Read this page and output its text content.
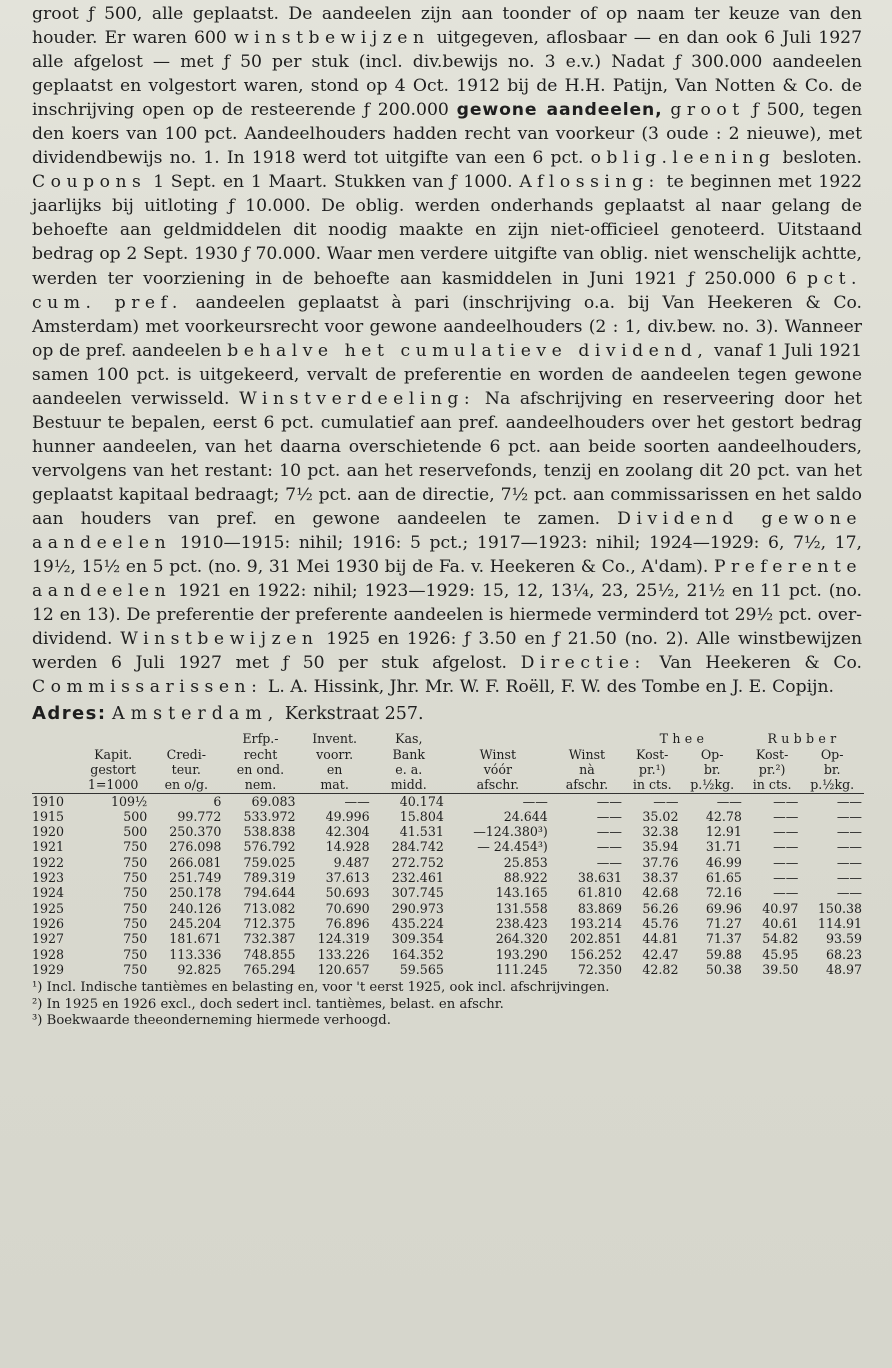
groot ƒ 500, alle geplaatst. De aandeelen zijn aan toonder of op naam ter keuze van den houder. Er waren 600 winstbewijzen uitgegeven, aflosbaar — en dan ook 6 Juli 1927 alle afgelost — met ƒ 50 per stuk (incl. div.bewijs no. 3 e.v.) Nadat ƒ 300.000 aandeelen geplaatst en volgestort waren, stond op 4 Oct. 1912 bij de H.H. Patijn, Van Notten & Co. de inschrijving open op de resteerende ƒ 200.000 gewone aandeelen, groot ƒ 500, tegen den koers van 100 pct. Aandeelhouders hadden recht van voorkeur (3 oude : 2 nieuwe), met dividendbewijs no. 1. In 1918 werd tot uitgifte van een 6 pct. oblig.leening besloten. Coupons 1 Sept. en 1 Maart. Stukken van ƒ 1000. Aflossing: te beginnen met 1922 jaarlijks bij uitloting ƒ 10.000. De oblig. werden onderhands geplaatst al naar gelang de behoefte aan geldmiddelen dit noodig maakte en zijn niet-officieel genoteerd. Uitstaand bedrag op 2 Sept. 1930 ƒ 70.000. Waar men verdere uitgifte van oblig. niet wenschelijk achtte, werden ter voorziening in de behoefte aan kasmiddelen in Juni 1921 ƒ 250.000 6 pct. cum. pref. aandeelen geplaatst à pari (inschrijving o.a. bij Van Heekeren & Co. Amsterdam) met voorkeursrecht voor gewone aandeelhouders (2 : 1, div.bew. no. 3). Wanneer op de pref. aandeelen behalve het cumulatieve dividend, vanaf 1 Juli 1921 samen 100 pct. is uitgekeerd, vervalt de preferentie en worden de aandeelen tegen gewone aandeelen verwisseld. Winstverdeeling: Na afschrijving en reserveering door het Bestuur te bepalen, eerst 6 pct. cumulatief aan pref. aandeelhouders over het gestort bedrag hunner aandeelen, van het daarna overschietende 6 pct. aan beide soorten aandeelhouders, vervolgens van het restant: 10 pct. aan het reservefonds, tenzij en zoolang dit 20 pct. van het geplaatst kapitaal bedraagt; 7½ pct. aan de directie, 7½ pct. aan commissarissen en het saldo aan houders van pref. en gewone aandeelen te zamen. Dividend gewone aandeelen 1910—1915: nihil; 1916: 5 pct.; 1917—1923: nihil; 1924—1929: 6, 7½, 17, 19½, 15½ en 5 pct. (no. 9, 31 Mei 1930 bij de Fa. v. Heekeren & Co., A'dam). Preferente aandeelen 1921 en 1922: nihil; 1923—1929: 15, 12, 13¼, 23, 25½, 21½ en 11 pct. (no. 12 en 13). De preferentie der preferente aandeelen is hiermede verminderd tot 29½ pct. over-dividend. Winstbewijzen 1925 en 1926: ƒ 3.50 en ƒ 21.50 (no. 2). Alle winstbewijzen werden 6 Juli 1927 met ƒ 50 per stuk afgelost. Directie: Van Heekeren & Co. Commissarissen: L. A. Hissink, Jhr. Mr. W. F. Roëll, F. W. des Tombe en J. E. Copijn.

Adres: Amsterdam, Kerkstraat 257.
			Erfp.-	Invent.	Kas,			Thee		Rubber	
	Kapit.	Credi-	recht	voorr.	Bank	Winst	Winst	Kost-	Op-	Kost-	Op-
	gestort	teur.	en ond.	en	e. a.	vóór	nà	pr.¹)	br.	pr.²)	br.
	1=1000	en o/g.	nem.	mat.	midd.	afschr.	afschr.	in cts.	p.½kg.	in cts.	p.½kg.
1910	109½	6	69.083	——	40.174	——	——	——	——	——	——
1915	500	99.772	533.972	49.996	15.804	24.644	——	35.02	42.78	——	——
1920	500	250.370	538.838	42.304	41.531	—124.380³)	——	32.38	12.91	——	——
1921	750	276.098	576.792	14.928	284.742	— 24.454³)	——	35.94	31.71	——	——
1922	750	266.081	759.025	9.487	272.752	25.853	——	37.76	46.99	——	——
1923	750	251.749	789.319	37.613	232.461	88.922	38.631	38.37	61.65	——	——
1924	750	250.178	794.644	50.693	307.745	143.165	61.810	42.68	72.16	——	——
1925	750	240.126	713.082	70.690	290.973	131.558	83.869	56.26	69.96	40.97	150.38
1926	750	245.204	712.375	76.896	435.224	238.423	193.214	45.76	71.27	40.61	114.91
1927	750	181.671	732.387	124.319	309.354	264.320	202.851	44.81	71.37	54.82	93.59
1928	750	113.336	748.855	133.226	164.352	193.290	156.252	42.47	59.88	45.95	68.23
1929	750	92.825	765.294	120.657	59.565	111.245	72.350	42.82	50.38	39.50	48.97

¹) Incl. Indische tantièmes en belasting en, voor 't eerst 1925, ook incl. afschrijvingen.

²) In 1925 en 1926 excl., doch sedert incl. tantièmes, belast. en afschr.

³) Boekwaarde theeonderneming hiermede verhoogd.
